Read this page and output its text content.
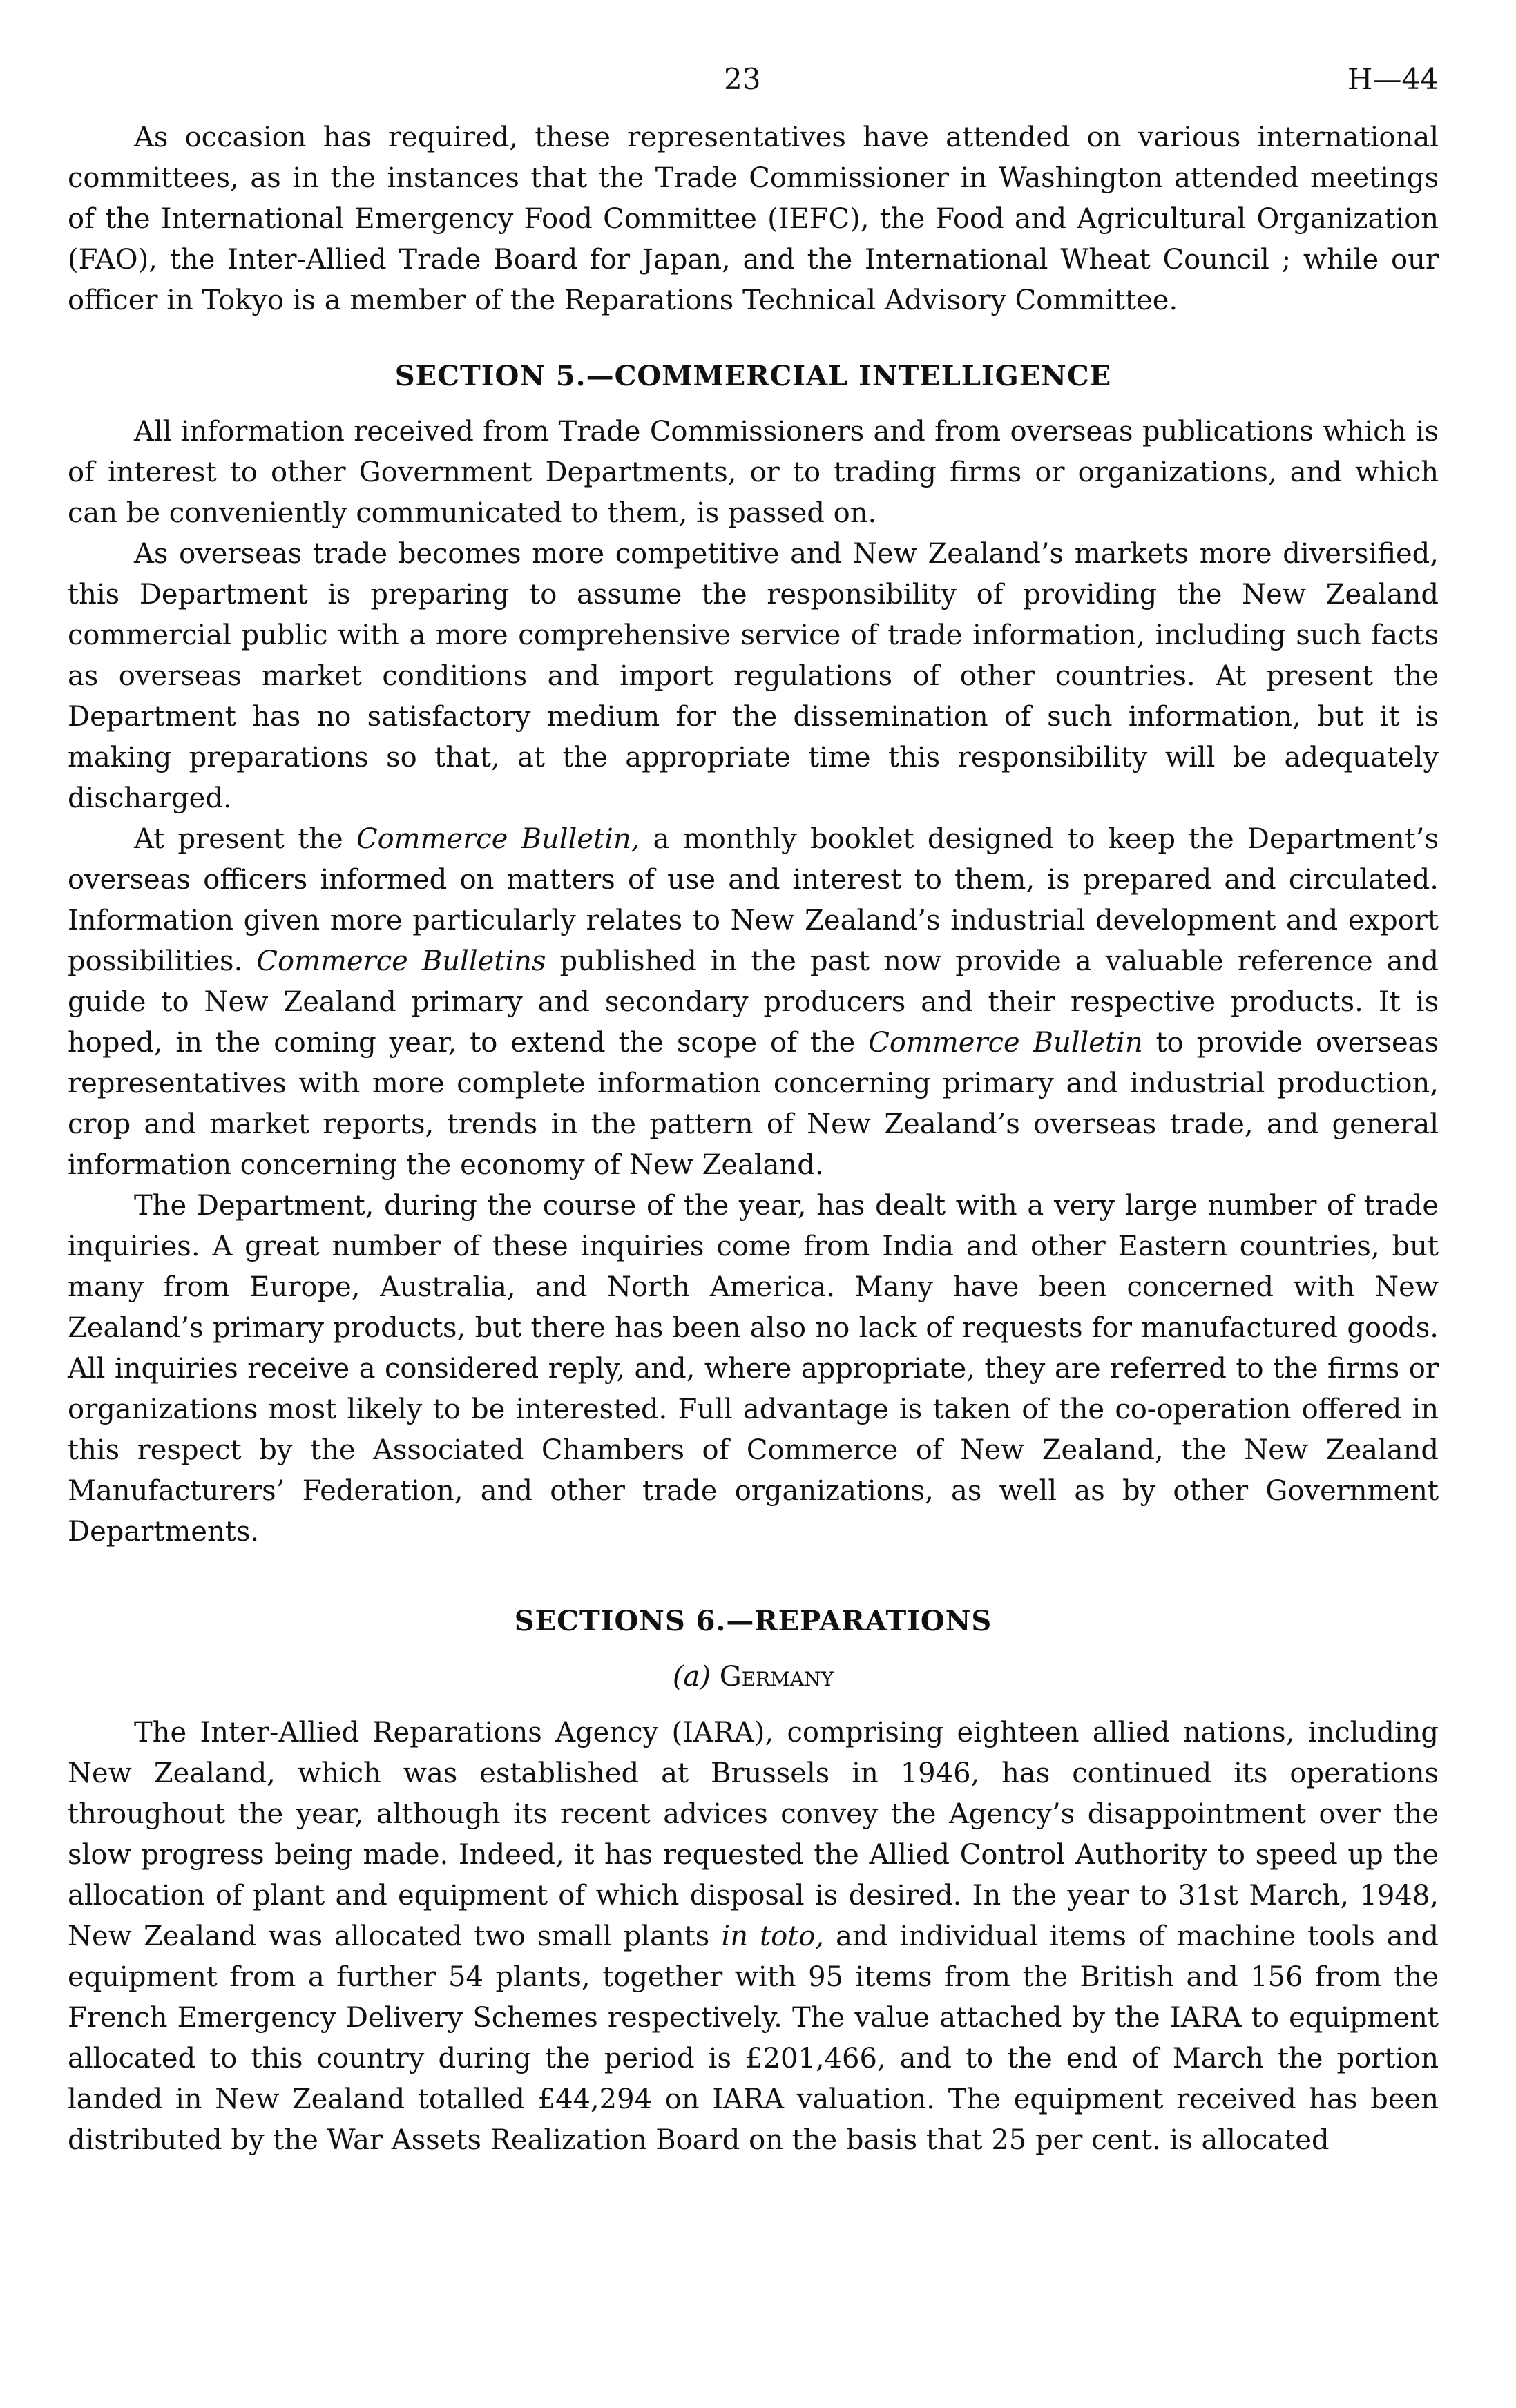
23	H—44

As occasion has required, these representatives have attended on various international committees, as in the instances that the Trade Commissioner in Washington attended meetings of the International Emergency Food Committee (IEFC), the Food and Agricultural Organization (FAO), the Inter-Allied Trade Board for Japan, and the International Wheat Council ; while our officer in Tokyo is a member of the Reparations Technical Advisory Committee.

SECTION 5.—COMMERCIAL INTELLIGENCE

All information received from Trade Commissioners and from overseas publications which is of interest to other Government Departments, or to trading firms or organizations, and which can be conveniently communicated to them, is passed on.

As overseas trade becomes more competitive and New Zealand’s markets more diversified, this Department is preparing to assume the responsibility of providing the New Zealand commercial public with a more comprehensive service of trade information, including such facts as overseas market conditions and import regulations of other countries. At present the Department has no satisfactory medium for the dissemination of such information, but it is making preparations so that, at the appropriate time this responsibility will be adequately discharged.

At present the Commerce Bulletin, a monthly booklet designed to keep the Department’s overseas officers informed on matters of use and interest to them, is prepared and circulated. Information given more particularly relates to New Zealand’s industrial development and export possibilities. Commerce Bulletins published in the past now provide a valuable reference and guide to New Zealand primary and secondary producers and their respective products. It is hoped, in the coming year, to extend the scope of the Commerce Bulletin to provide overseas representatives with more complete information concerning primary and industrial production, crop and market reports, trends in the pattern of New Zealand’s overseas trade, and general information concerning the economy of New Zealand.

The Department, during the course of the year, has dealt with a very large number of trade inquiries. A great number of these inquiries come from India and other Eastern countries, but many from Europe, Australia, and North America. Many have been concerned with New Zealand’s primary products, but there has been also no lack of requests for manufactured goods. All inquiries receive a considered reply, and, where appropriate, they are referred to the firms or organizations most likely to be interested. Full advantage is taken of the co-operation offered in this respect by the Associated Chambers of Commerce of New Zealand, the New Zealand Manufacturers’ Federation, and other trade organizations, as well as by other Government Departments.

SECTIONS 6.—REPARATIONS

(a) Germany

The Inter-Allied Reparations Agency (IARA), comprising eighteen allied nations, including New Zealand, which was established at Brussels in 1946, has continued its operations throughout the year, although its recent advices convey the Agency’s disappointment over the slow progress being made. Indeed, it has requested the Allied Control Authority to speed up the allocation of plant and equipment of which disposal is desired. In the year to 31st March, 1948, New Zealand was allocated two small plants in toto, and individual items of machine tools and equipment from a further 54 plants, together with 95 items from the British and 156 from the French Emergency Delivery Schemes respectively. The value attached by the IARA to equipment allocated to this country during the period is £201,466, and to the end of March the portion landed in New Zealand totalled £44,294 on IARA valuation. The equipment received has been distributed by the War Assets Realization Board on the basis that 25 per cent. is allocated
